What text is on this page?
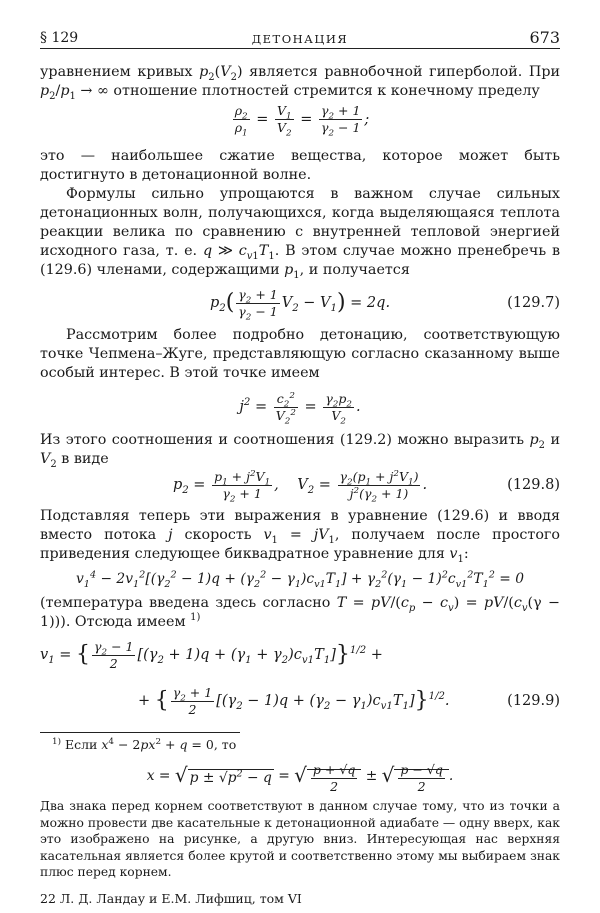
§ 129	ДЕТОНАЦИЯ	673

уравнением кривых $p_2(V_2)$ является равнобочной гиперболой. При $p_2/p_1$ → ∞ отношение плотностей стремится к конечному пределу

$\frac{\rho_2}{\rho_1} = \frac{V_1}{V_2} = \frac{\gamma_2 + 1}{\gamma_2 - 1}$ ;

это — наибольшее сжатие вещества, которое может быть достигнуто в детонационной волне.

Формулы сильно упрощаются в важном случае сильных детонационных волн, получающихся, когда выделяющаяся теплота реакции велика по сравнению с внутренней тепловой энергией исходного газа, т. е. q ≫ $c_{v1}T_1$. В этом случае можно пренебречь в (129.6) членами, содержащими $p_1$, и получается

$p_2( \frac{\gamma_2 + 1}{\gamma_2 - 1} V_2 - V_1) = 2q$.	(129.7)

Рассмотрим более подробно детонацию, соответствующую точке Чепмена–Жуге, представляющую согласно сказанному выше особый интерес. В этой точке имеем

$j^2 = \frac{c_2^2}{V_2^2} = \frac{\gamma_2p_2}{V_2}$ .

Из этого соотношения и соотношения (129.2) можно выразить $p_2$ и $V_2$ в виде

$p_2 = \frac{p_1 + j^2V_1}{\gamma_2 + 1}$ ,    $V_2 = \frac{\gamma_2(p_1 + j^2V_1)}{j^2(\gamma_2 + 1)}$ .	(129.8)

Подставляя теперь эти выражения в уравнение (129.6) и вводя вместо потока j скорость $v_1 = jV_1$, получаем после простого приведения следующее биквадратное уравнение для $v_1$:

$v_1^4 - 2v_1^2[(\gamma_2^2 - 1)q + (\gamma_2^2 - \gamma_1)c_{v1}T_1] + \gamma_2^2(\gamma_1 - 1)^2c_{v1}^2T_1^2 = 0$

(температура введена здесь согласно $T = pV/(c_p - c_v) = pV/(c_v(\gamma - 1))$). Отсюда имеем $^{1)}$

$v_1$ = { $\frac{\gamma_2 - 1}{2} [(\gamma_2 + 1)q + (\gamma_1 + \gamma_2)c_{v1}T_1]\}^{1/2}$ +
+ { $\frac{\gamma_2 + 1}{2} [(\gamma_2 - 1)q + (\gamma_2 - \gamma_1)c_{v1}T_1]\}^{1/2}$.	(129.9)
$^{1)}$ Если $x^4 - 2px^2 + q = 0$, то
x = √ $p \pm √p^2 - q$ = √ $\frac{p + √q}{2}$ ± √ $\frac{p - √q}{2}$ .

Два знака перед корнем соответствуют в данном случае тому, что из точки a можно провести две касательные к детонационной адиабате — одну вверх, как это изображено на рисунке, а другую вниз. Интересующая нас верхняя касательная является более крутой и соответственно этому мы выбираем знак плюс перед корнем.

22 Л. Д. Ландау и Е.М. Лифшиц, том VI
